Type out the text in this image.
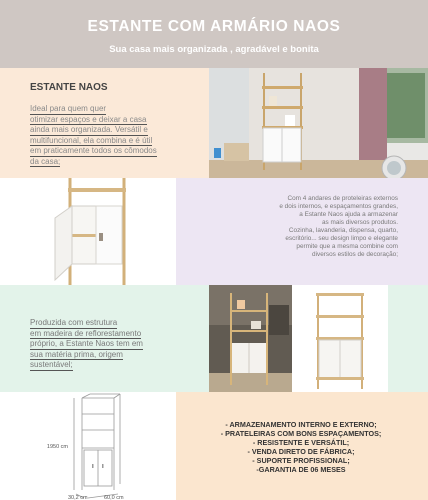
ESTANTE COM ARMÁRIO NAOS
Sua casa mais organizada , agradável e bonita
ESTANTE NAOS
Ideal para quem quer
otimizar espaços e deixar a casa
ainda mais organizada. Versátil e
multifuncional, ela combina e é útil
em praticamente todos os cômodos
da casa;
Com 4 andares de proteleiras externos
e dois internos, e espaçamentos grandes,
a Estante Naos ajuda a armazenar
as mais diversos produtos.
Cozinha, lavanderia, dispensa, quarto,
escritório... seu design limpo e elegante
permite que a mesma combine com
diversos estilos de decoração;
Produzida com estrutura
em madeira de reflorestamento
próprio, a Estante Naos tem em
sua matéria prima, origem
sustentável;
1950 cm
30,2 cm	60,0 cm
- ARMAZENAMENTO INTERNO E EXTERNO;
- PRATELEIRAS COM BONS ESPAÇAMENTOS;
- RESISTENTE E VERSÁTIL;
- VENDA DIRETO DE FÁBRICA;
- SUPORTE PROFISSIONAL;
-GARANTIA DE 06 MESES
